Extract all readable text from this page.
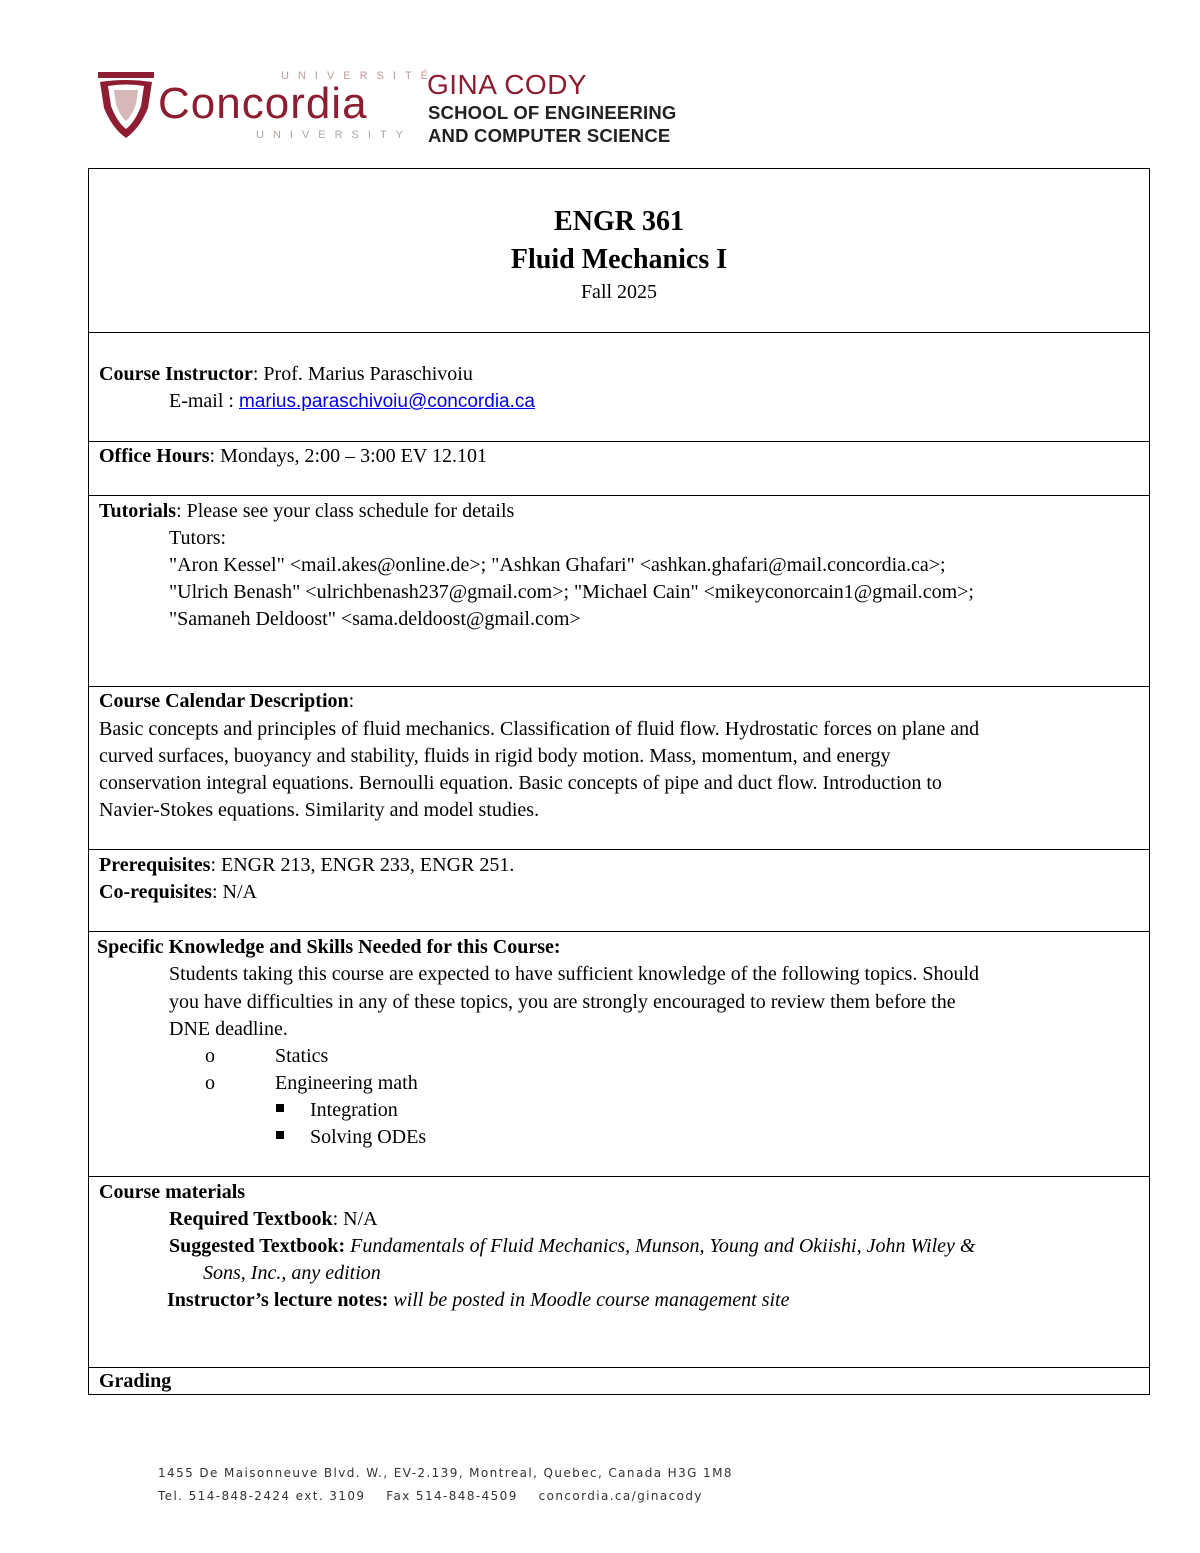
UNIVERSITÉ
Concordia
UNIVERSITY
GINA CODY
SCHOOL OF ENGINEERING
AND COMPUTER SCIENCE
ENGR 361
Fluid Mechanics I
Fall 2025
Course Instructor: Prof. Marius Paraschivoiu
E-mail : marius.paraschivoiu@concordia.ca
Office Hours: Mondays, 2:00 – 3:00 EV 12.101
Tutorials: Please see your class schedule for details
Tutors:
"Aron Kessel" <mail.akes@online.de>; "Ashkan Ghafari" <ashkan.ghafari@mail.concordia.ca>;
"Ulrich Benash" <ulrichbenash237@gmail.com>; "Michael Cain" <mikeyconorcain1@gmail.com>;
"Samaneh Deldoost" <sama.deldoost@gmail.com>
Course Calendar Description:
Basic concepts and principles of fluid mechanics. Classification of fluid flow. Hydrostatic forces on plane and
curved surfaces, buoyancy and stability, fluids in rigid body motion. Mass, momentum, and energy
conservation integral equations. Bernoulli equation. Basic concepts of pipe and duct flow. Introduction to
Navier-Stokes equations. Similarity and model studies.
Prerequisites: ENGR 213, ENGR 233, ENGR 251.
Co-requisites: N/A
Specific Knowledge and Skills Needed for this Course:
Students taking this course are expected to have sufficient knowledge of the following topics. Should
you have difficulties in any of these topics, you are strongly encouraged to review them before the
DNE deadline.
o	Statics
o	Engineering math
Integration
Solving ODEs
Course materials
Required Textbook: N/A
Suggested Textbook: Fundamentals of Fluid Mechanics, Munson, Young and Okiishi, John Wiley &
Sons, Inc., any edition
Instructor’s lecture notes: will be posted in Moodle course management site
Grading
1455 De Maisonneuve Blvd. W., EV-2.139, Montreal, Quebec, Canada H3G 1M8
Tel. 514-848-2424 ext. 3109 Fax 514-848-4509 concordia.ca/ginacody
